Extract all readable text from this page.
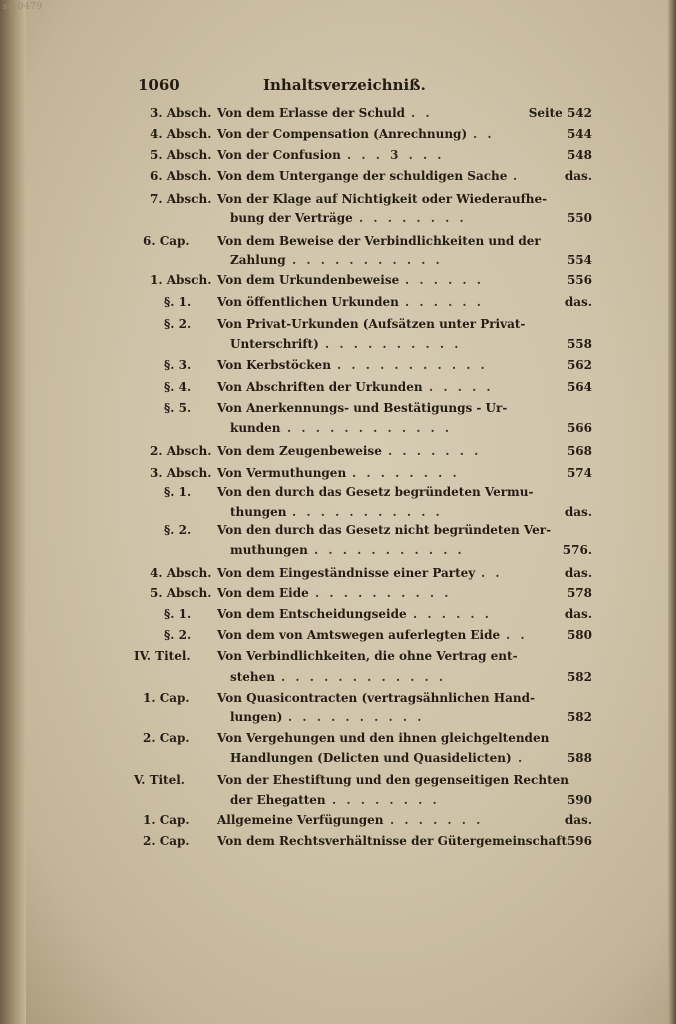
s0.0479
1060	Inhaltsverzeichniß.
3. Absch. Von dem Erlasse der Schuld . .	Seite 542
4. Absch. Von der Compensation (Anrechnung) . .	544
5. Absch. Von der Confusion . . . 3 . . .	548
6. Absch. Von dem Untergange der schuldigen Sache .	das.
7. Absch. Von der Klage auf Nichtigkeit oder Wiederaufhe-
bung der Verträge . . . . . . . .	550
6. Cap. Von dem Beweise der Verbindlichkeiten und der
Zahlung . . . . . . . . . . .	554
1. Absch. Von dem Urkundenbeweise . . . . . .	556
§. 1. Von öffentlichen Urkunden . . . . . .	das.
§. 2. Von Privat-Urkunden (Aufsätzen unter Privat-
Unterschrift) . . . . . . . . . .	558
§. 3. Von Kerbstöcken . . . . . . . . . . .	562
§. 4. Von Abschriften der Urkunden . . . . .	564
§. 5. Von Anerkennungs- und Bestätigungs - Ur-
kunden . . . . . . . . . . . .	566
2. Absch. Von dem Zeugenbeweise . . . . . . .	568
3. Absch. Von Vermuthungen . . . . . . . .	574
§. 1. Von den durch das Gesetz begründeten Vermu-
thungen . . . . . . . . . . .	das.
§. 2. Von den durch das Gesetz nicht begründeten Ver-
muthungen . . . . . . . . . . .	576.
4. Absch. Von dem Eingeständnisse einer Partey . .	das.
5. Absch. Von dem Eide . . . . . . . . . .	578
§. 1. Von dem Entscheidungseide . . . . . .	das.
§. 2. Von dem von Amtswegen auferlegten Eide . .	580
IV. Titel. Von Verbindlichkeiten, die ohne Vertrag ent-
stehen . . . . . . . . . . . .	582
1. Cap. Von Quasicontracten (vertragsähnlichen Hand-
lungen) . . . . . . . . . .	582
2. Cap. Von Vergehungen und den ihnen gleichgeltenden
Handlungen (Delicten und Quasidelicten) .	588
V. Titel.	Von der Ehestiftung und den gegenseitigen Rechten
der Ehegatten . . . . . . . .	590
1. Cap. Allgemeine Verfügungen . . . . . . .	das.
2. Cap. Von dem Rechtsverhältnisse der Gütergemeinschaft 596
